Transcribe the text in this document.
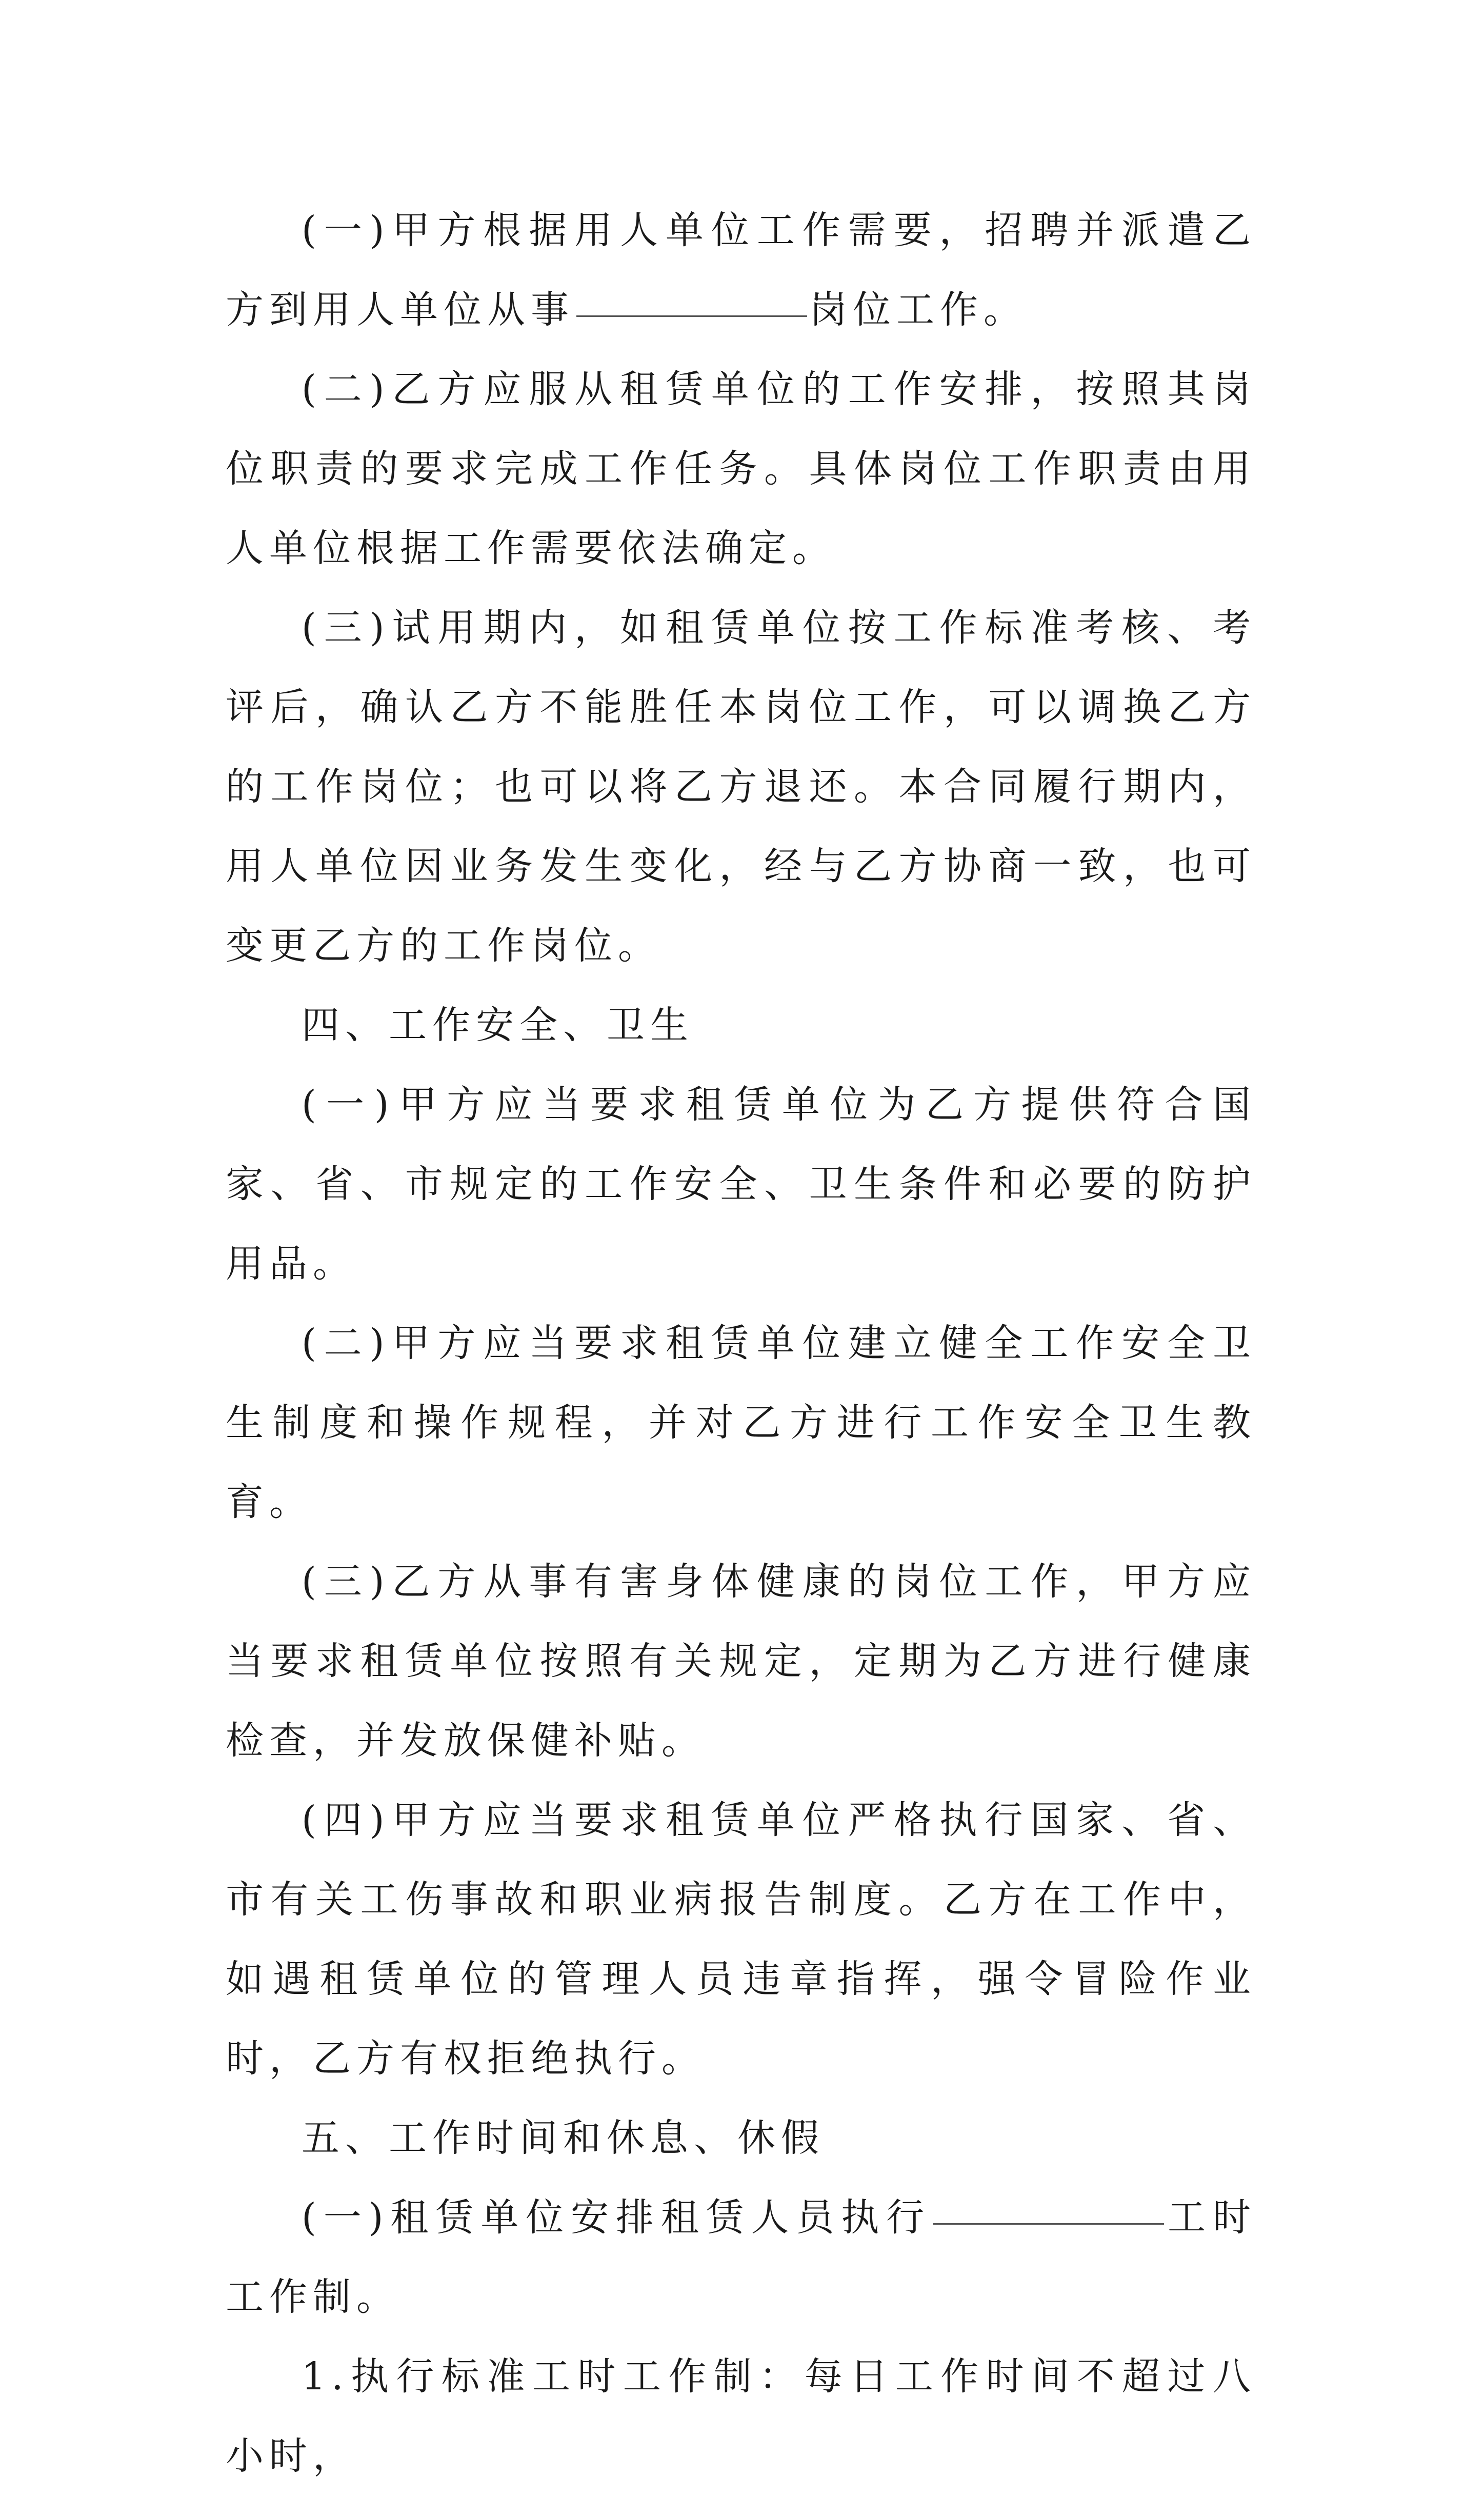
(一)甲方根据用人单位工作需要，招聘并派遣乙方到用人单位从事	岗位工作。

(二)乙方应服从租赁单位的工作安排，按照其岗位职责的要求完成工作任务。具体岗位工作职责由用人单位根据工作需要依法确定。

(三)试用期内，如租赁单位按工作标准考核、考评后，确认乙方不能胜任本岗位工作，可以调换乙方的工作岗位；也可以将乙方退还。本合同履行期内，用人单位因业务发生变化，经与乙方协商一致，也可变更乙方的工作岗位。

四、工作安全、卫生

(一)甲方应当要求租赁单位为乙方提供符合国家、省、市规定的工作安全、卫生条件和必要的防护用品。

(二)甲方应当要求租赁单位建立健全工作安全卫生制度和操作规程，并对乙方进行工作安全卫生教育。

(三)乙方从事有害身体健康的岗位工作，甲方应当要求租赁单位按照有关规定，定期为乙方进行健康检查，并发放保健补贴。

(四)甲方应当要求租赁单位严格执行国家、省、市有关工伤事故和职业病报告制度。乙方在工作中，如遇租赁单位的管理人员违章指挥，强令冒险作业时，乙方有权拒绝执行。

五、工作时间和休息、休假

(一)租赁单位安排租赁人员执行	工时工作制。

1.执行标准工时工作制：每日工作时间不超过八小时，
